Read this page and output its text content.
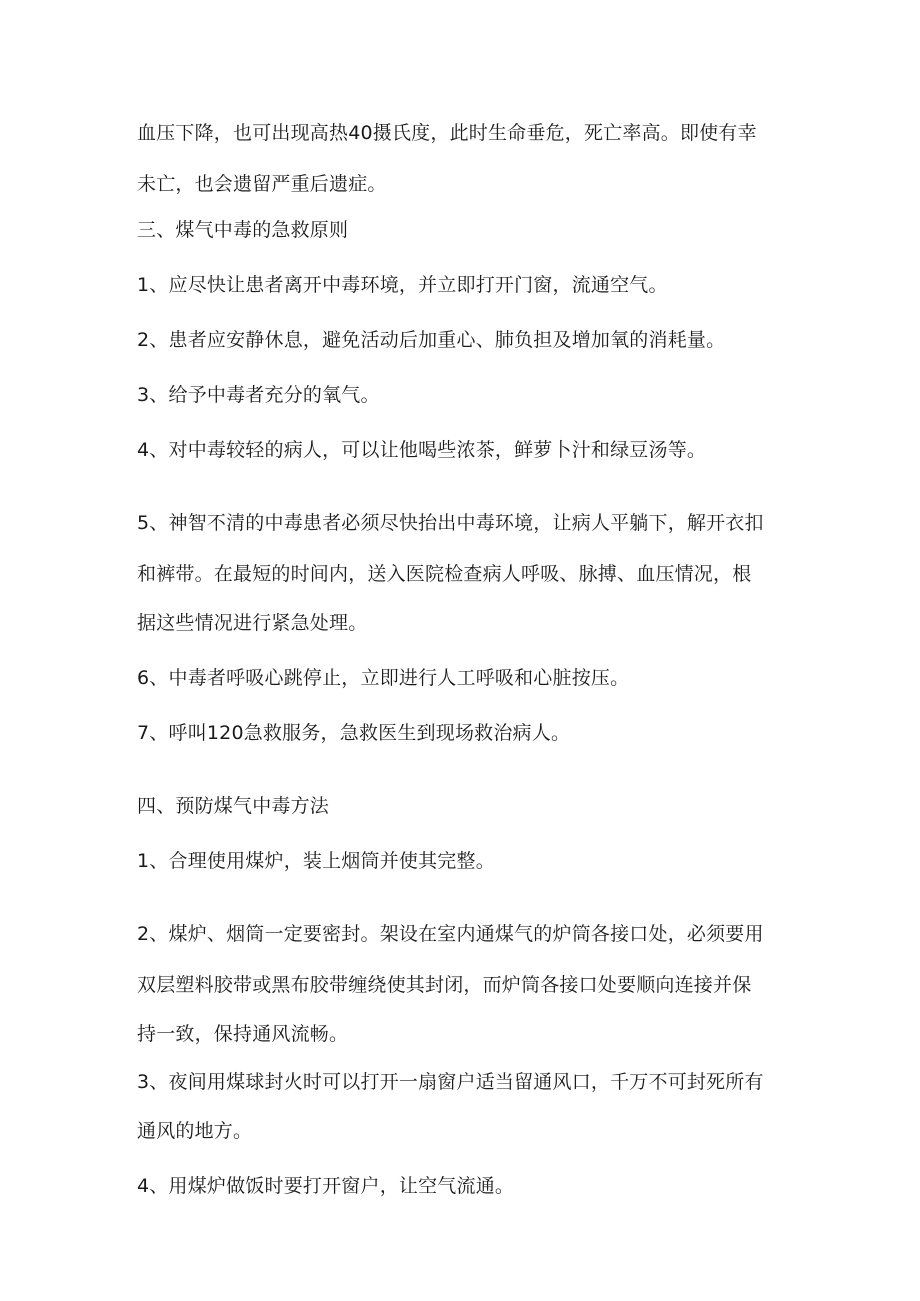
血压下降，也可出现高热40摄氏度，此时生命垂危，死亡率高。即使有幸

未亡，也会遗留严重后遗症。

三、煤气中毒的急救原则

1、应尽快让患者离开中毒环境，并立即打开门窗，流通空气。

2、患者应安静休息，避免活动后加重心、肺负担及增加氧的消耗量。

3、给予中毒者充分的氧气。

4、对中毒较轻的病人，可以让他喝些浓茶，鲜萝卜汁和绿豆汤等。

5、神智不清的中毒患者必须尽快抬出中毒环境，让病人平躺下，解开衣扣

和裤带。在最短的时间内，送入医院检查病人呼吸、脉搏、血压情况，根

据这些情况进行紧急处理。

6、中毒者呼吸心跳停止，立即进行人工呼吸和心脏按压。

7、呼叫120急救服务，急救医生到现场救治病人。

四、预防煤气中毒方法

1、合理使用煤炉，装上烟筒并使其完整。

2、煤炉、烟筒一定要密封。架设在室内通煤气的炉筒各接口处，必须要用

双层塑料胶带或黑布胶带缠绕使其封闭，而炉筒各接口处要顺向连接并保

持一致，保持通风流畅。

3、夜间用煤球封火时可以打开一扇窗户适当留通风口，千万不可封死所有

通风的地方。

4、用煤炉做饭时要打开窗户，让空气流通。
